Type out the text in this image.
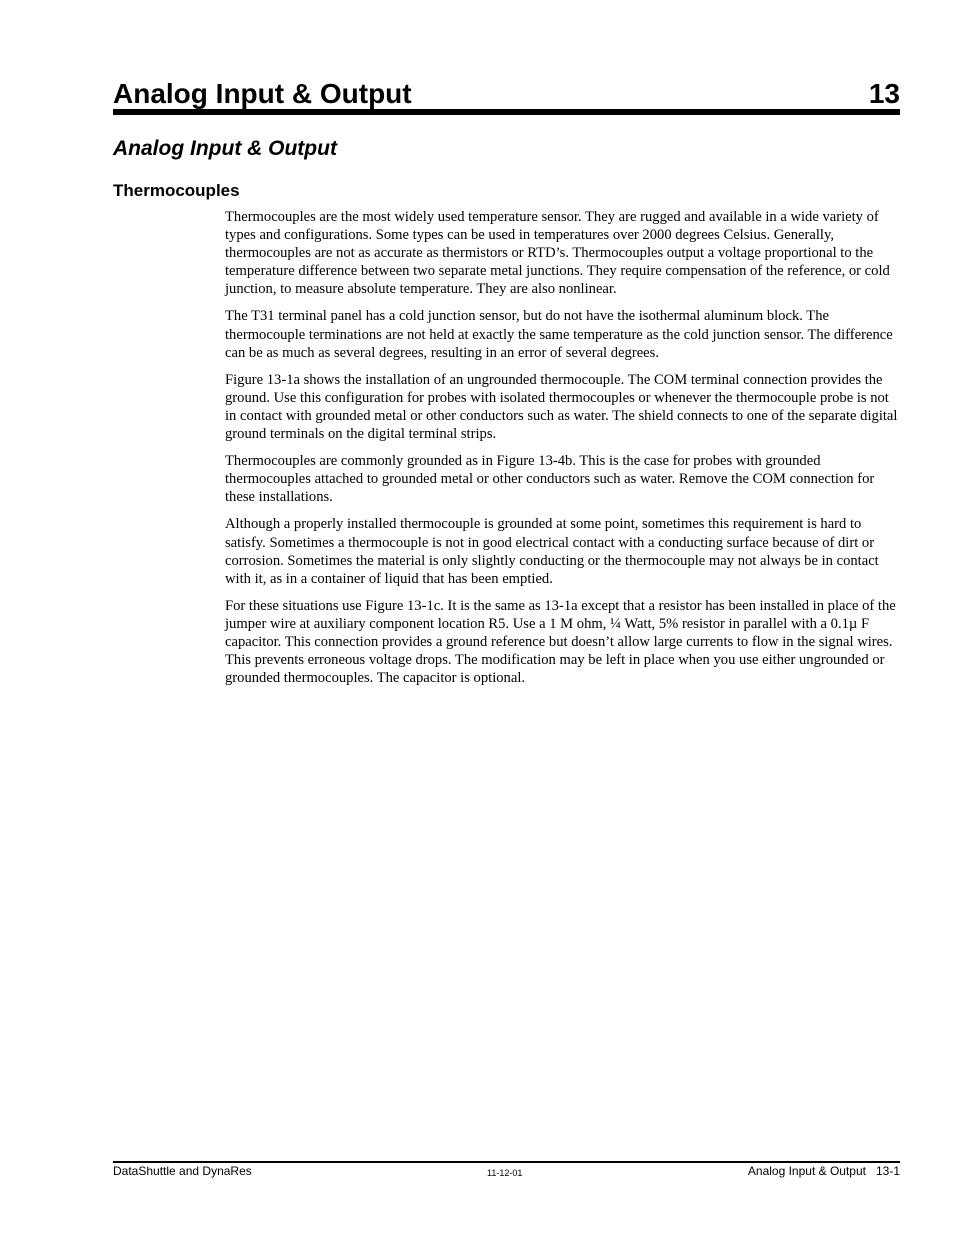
Analog Input & Output	13
Analog Input & Output
Thermocouples

Thermocouples are the most widely used temperature sensor. They are rugged and available in a wide variety of types and configurations. Some types can be used in temperatures over 2000 degrees Celsius. Generally, thermocouples are not as accurate as thermistors or RTD’s. Thermocouples output a voltage proportional to the temperature difference between two separate metal junctions. They require compensation of the reference, or cold junction, to measure absolute temperature. They are also nonlinear.

The T31 terminal panel has a cold junction sensor, but do not have the isothermal aluminum block. The thermocouple terminations are not held at exactly the same temperature as the cold junction sensor. The difference can be as much as several degrees, resulting in an error of several degrees.

Figure 13-1a shows the installation of an ungrounded thermocouple. The COM terminal connection provides the ground. Use this configuration for probes with isolated thermocouples or whenever the thermocouple probe is not in contact with grounded metal or other conductors such as water. The shield connects to one of the separate digital ground terminals on the digital terminal strips.

Thermocouples are commonly grounded as in Figure 13-4b. This is the case for probes with grounded thermocouples attached to grounded metal or other conductors such as water. Remove the COM connection for these installations.

Although a properly installed thermocouple is grounded at some point, sometimes this requirement is hard to satisfy. Sometimes a thermocouple is not in good electrical contact with a conducting surface because of dirt or corrosion. Sometimes the material is only slightly conducting or the thermocouple may not always be in contact with it, as in a container of liquid that has been emptied.

For these situations use Figure 13-1c. It is the same as 13-1a except that a resistor has been installed in place of the jumper wire at auxiliary component location R5. Use a 1 M ohm, ¼ Watt, 5% resistor in parallel with a 0.1µ F capacitor. This connection provides a ground reference but doesn’t allow large currents to flow in the signal wires. This prevents erroneous voltage drops. The modification may be left in place when you use either ungrounded or grounded thermocouples. The capacitor is optional.

DataShuttle and DynaRes	11-12-01	Analog Input & Output   13-1
